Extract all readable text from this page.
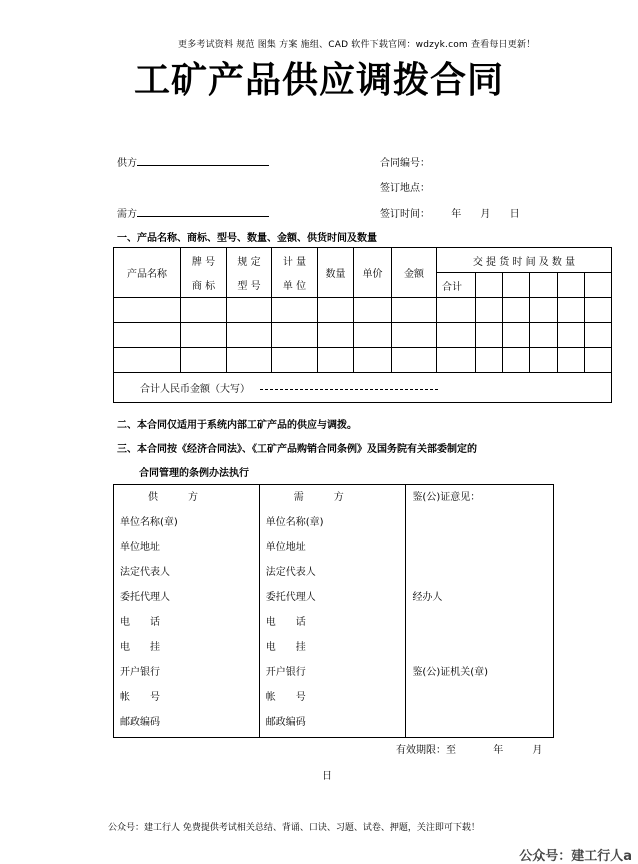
更多考试资料 规范 图集 方案 施组、CAD 软件下载官网：wdzyk.com 查看每日更新！
工矿产品供应调拨合同
供方
需方
合同编号：
签订地点：
签订时间： 年 月 日
一、产品名称、商标、型号、数量、金额、供货时间及数量
产品名称	牌 号	规 定	计 量	数量	单价	金额	交 提 货 时 间 及 数 量					
	商 标	型 号	单 位				合计					

合计人民币金额（大写）												
二、本合同仅适用于系统内部工矿产品的供应与调拨。
三、本合同按《经济合同法》、《工矿产品购销合同条例》及国务院有关部委制定的
合同管理的条例办法执行
供　　　方
单位名称(章)
单位地址
法定代表人
委托代理人
电　　话
电　　挂
开户银行
帐　　号
邮政编码

需　　　方
单位名称(章)
单位地址
法定代表人
委托代理人
电　　话
电　　挂
开户银行
帐　　号
邮政编码

鉴(公)证意见：
经办人
鉴(公)证机关(章)
有效期限：至	年	月
日
公众号：建工行人 免费提供考试相关总结、背诵、口诀、习题、试卷、押题，关注即可下载！
公众号：建工行人a
